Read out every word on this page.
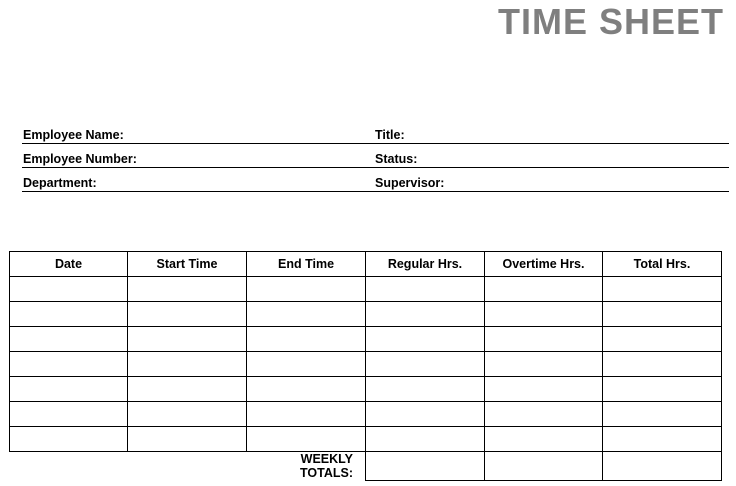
TIME SHEET
Employee Name:	Title:
Employee Number:	Status:
Department:	Supervisor:
Date	Start Time	End Time	Regular Hrs.	Overtime Hrs.	Total Hrs.

		WEEKLY TOTALS:			
